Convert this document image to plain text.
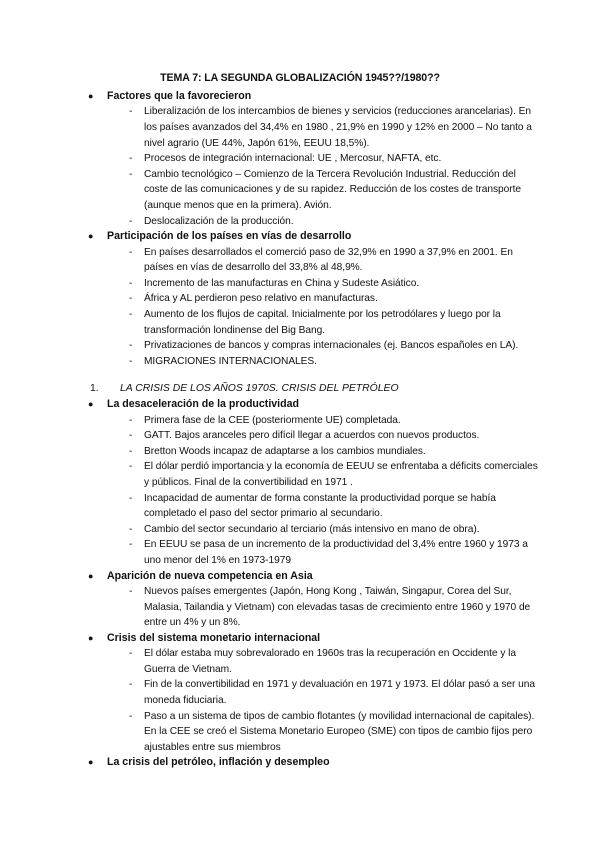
TEMA 7: LA SEGUNDA GLOBALIZACIÓN 1945??/1980??
● Factores que la favorecieron
- Liberalización de los intercambios de bienes y servicios (reducciones arancelarias). En los países avanzados del 34,4% en 1980 , 21,9% en 1990 y 12% en 2000 – No tanto a nivel agrario (UE 44%, Japón 61%, EEUU 18,5%).
- Procesos de integración internacional: UE , Mercosur, NAFTA, etc.
- Cambio tecnológico – Comienzo de la Tercera Revolución Industrial. Reducción del coste de las comunicaciones y de su rapidez. Reducción de los costes de transporte (aunque menos que en la primera). Avión.
- Deslocalización de la producción.
● Participación de los países en vías de desarrollo
- En países desarrollados el comerció paso de 32,9% en 1990 a 37,9% en 2001. En países en vías de desarrollo del 33,8% al 48,9%.
- Incremento de las manufacturas en China y Sudeste Asiático.
- África y AL perdieron peso relativo en manufacturas.
- Aumento de los flujos de capital. Inicialmente por los petrodólares y luego por la transformación londinense del Big Bang.
- Privatizaciones de bancos y compras internacionales (ej. Bancos españoles en LA).
- MIGRACIONES INTERNACIONALES.
1. LA CRISIS DE LOS AÑOS 1970S. CRISIS DEL PETRÓLEO
● La desaceleración de la productividad
- Primera fase de la CEE (posteriormente UE) completada.
- GATT. Bajos aranceles pero difícil llegar a acuerdos con nuevos productos.
- Bretton Woods incapaz de adaptarse a los cambios mundiales.
- El dólar perdió importancia y la economía de EEUU se enfrentaba a déficits comerciales y públicos. Final de la convertibilidad en 1971 .
- Incapacidad de aumentar de forma constante la productividad porque se había completado el paso del sector primario al secundario.
- Cambio del sector secundario al terciario (más intensivo en mano de obra).
- En EEUU se pasa de un incremento de la productividad del 3,4% entre 1960 y 1973 a uno menor del 1% en 1973-1979
● Aparición de nueva competencia en Asia
- Nuevos países emergentes (Japón, Hong Kong , Taiwán, Singapur, Corea del Sur, Malasia, Tailandia y Vietnam) con elevadas tasas de crecimiento entre 1960 y 1970 de entre un 4% y un 8%.
● Crisis del sistema monetario internacional
- El dólar estaba muy sobrevalorado en 1960s tras la recuperación en Occidente y la Guerra de Vietnam.
- Fin de la convertibilidad en 1971 y devaluación en 1971 y 1973. El dólar pasó a ser una moneda fiduciaria.
- Paso a un sistema de tipos de cambio flotantes (y movilidad internacional de capitales). En la CEE se creó el Sistema Monetario Europeo (SME) con tipos de cambio fijos pero ajustables entre sus miembros
● La crisis del petróleo, inflación y desempleo
